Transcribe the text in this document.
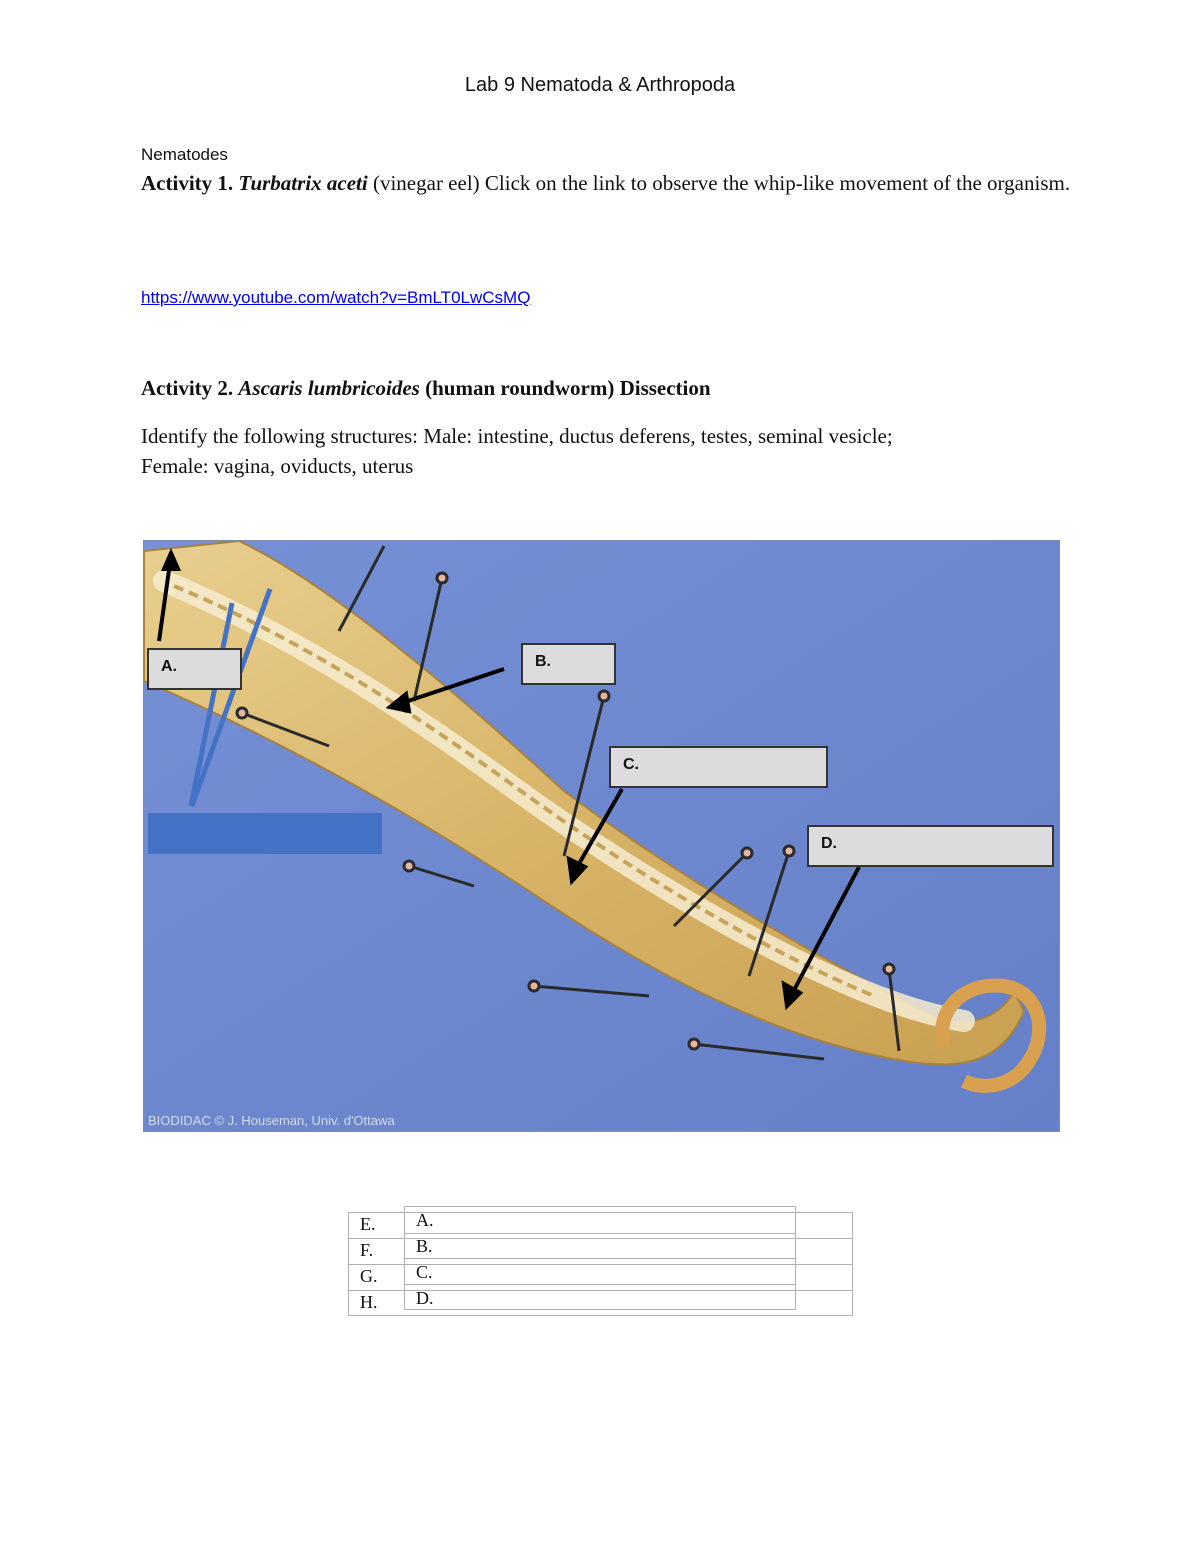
Lab 9 Nematoda & Arthropoda
Nematodes
Activity 1. Turbatrix aceti (vinegar eel) Click on the link to observe the whip-like movement of the organism.
https://www.youtube.com/watch?v=BmLT0LwCsMQ
Activity 2. Ascaris lumbricoides (human roundworm) Dissection
Identify the following structures: Male: intestine, ductus deferens, testes, seminal vesicle;
Female: vagina, oviducts, uterus
BIODIDAC © J. Houseman, Univ. d'Ottawa
A.	B.
C.
D.
E. A.
F. B.
G. C.
H. D.
